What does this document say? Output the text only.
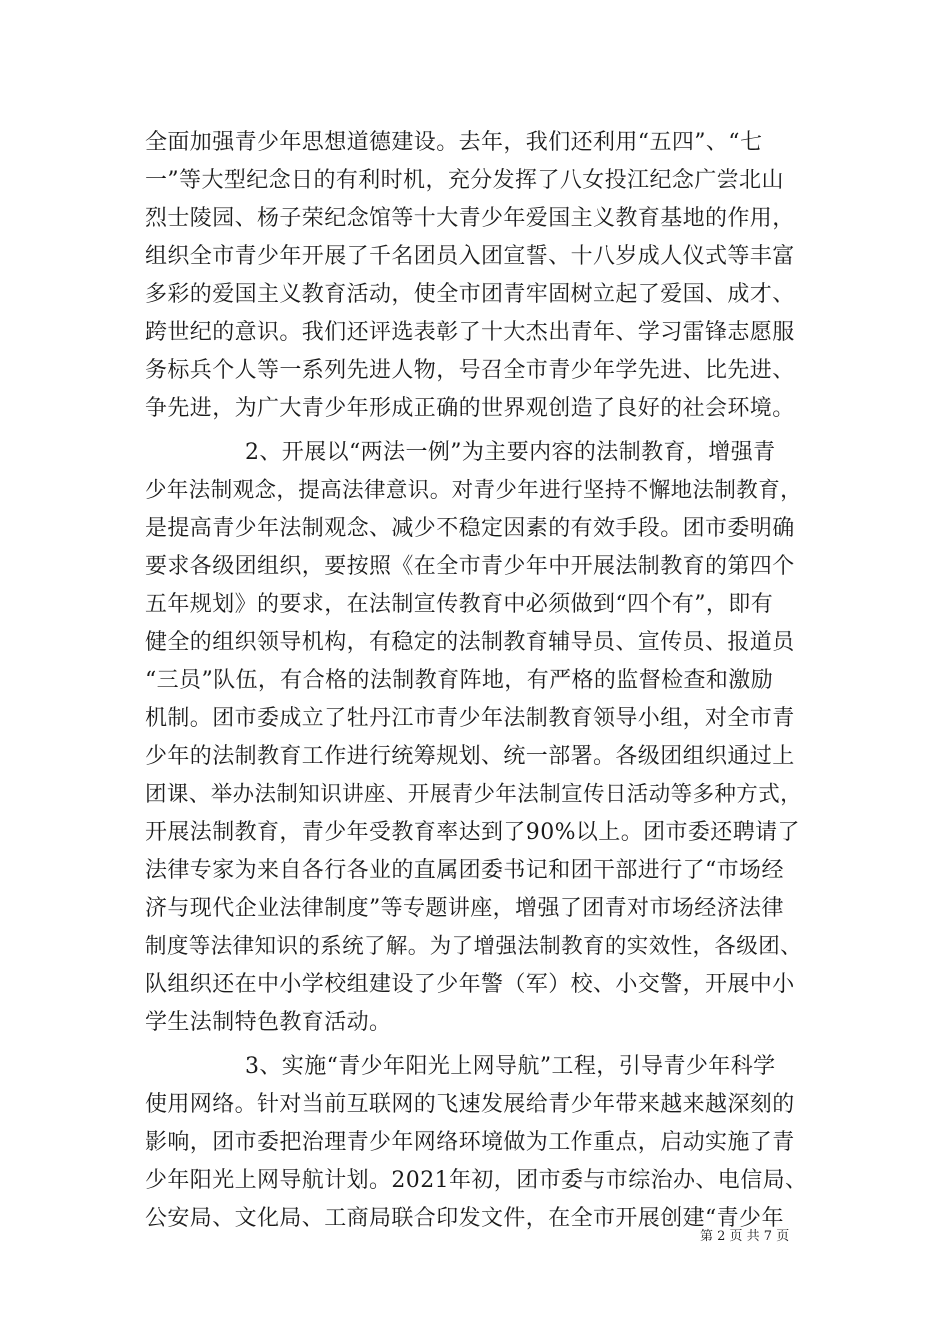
全面加强青少年思想道德建设。去年，我们还利用“五四”、“七
一”等大型纪念日的有利时机，充分发挥了八女投江纪念广尝北山
烈士陵园、杨子荣纪念馆等十大青少年爱国主义教育基地的作用，
组织全市青少年开展了千名团员入团宣誓、十八岁成人仪式等丰富
多彩的爱国主义教育活动，使全市团青牢固树立起了爱国、成才、
跨世纪的意识。我们还评选表彰了十大杰出青年、学习雷锋志愿服
务标兵个人等一系列先进人物，号召全市青少年学先进、比先进、
争先进，为广大青少年形成正确的世界观创造了良好的社会环境。
2、开展以“两法一例”为主要内容的法制教育，增强青
少年法制观念，提高法律意识。对青少年进行坚持不懈地法制教育，
是提高青少年法制观念、减少不稳定因素的有效手段。团市委明确
要求各级团组织，要按照《在全市青少年中开展法制教育的第四个
五年规划》的要求，在法制宣传教育中必须做到“四个有”，即有
健全的组织领导机构，有稳定的法制教育辅导员、宣传员、报道员
“三员”队伍，有合格的法制教育阵地，有严格的监督检查和激励
机制。团市委成立了牡丹江市青少年法制教育领导小组，对全市青
少年的法制教育工作进行统筹规划、统一部署。各级团组织通过上
团课、举办法制知识讲座、开展青少年法制宣传日活动等多种方式，
开展法制教育，青少年受教育率达到了90%以上。团市委还聘请了
法律专家为来自各行各业的直属团委书记和团干部进行了“市场经
济与现代企业法律制度”等专题讲座，增强了团青对市场经济法律
制度等法律知识的系统了解。为了增强法制教育的实效性，各级团、
队组织还在中小学校组建设了少年警（军）校、小交警，开展中小
学生法制特色教育活动。
3、实施“青少年阳光上网导航”工程，引导青少年科学
使用网络。针对当前互联网的飞速发展给青少年带来越来越深刻的
影响，团市委把治理青少年网络环境做为工作重点，启动实施了青
少年阳光上网导航计划。2021年初，团市委与市综治办、电信局、
公安局、文化局、工商局联合印发文件，在全市开展创建“青少年
第 2 页 共 7 页
